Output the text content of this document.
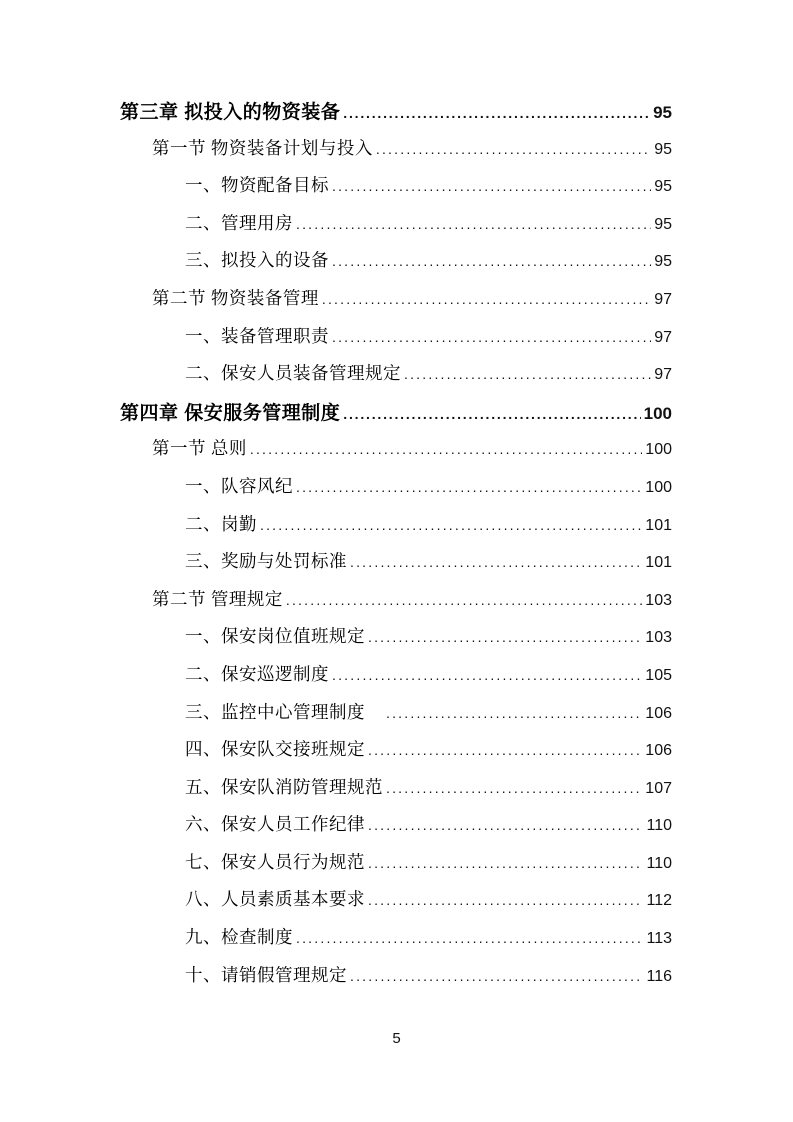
第三章 拟投入的物资装备 .....	95
第一节 物资装备计划与投入 .....	95
一、物资配备目标 .....	95
二、管理用房 .....	95
三、拟投入的设备 .....	95
第二节 物资装备管理 .....	97
一、装备管理职责 .....	97
二、保安人员装备管理规定 .....	97
第四章 保安服务管理制度 .....	100
第一节 总则 .....	100
一、队容风纪 .....	100
二、岗勤 .....	101
三、奖励与处罚标准 .....	101
第二节 管理规定 .....	103
一、保安岗位值班规定 .....	103
二、保安巡逻制度 .....	105
三、监控中心管理制度　 .....	106
四、保安队交接班规定 .....	106
五、保安队消防管理规范 .....	107
六、保安人员工作纪律 .....	110
七、保安人员行为规范 .....	110
八、人员素质基本要求 .....	112
九、检查制度 .....	113
十、请销假管理规定 .....	116
5
